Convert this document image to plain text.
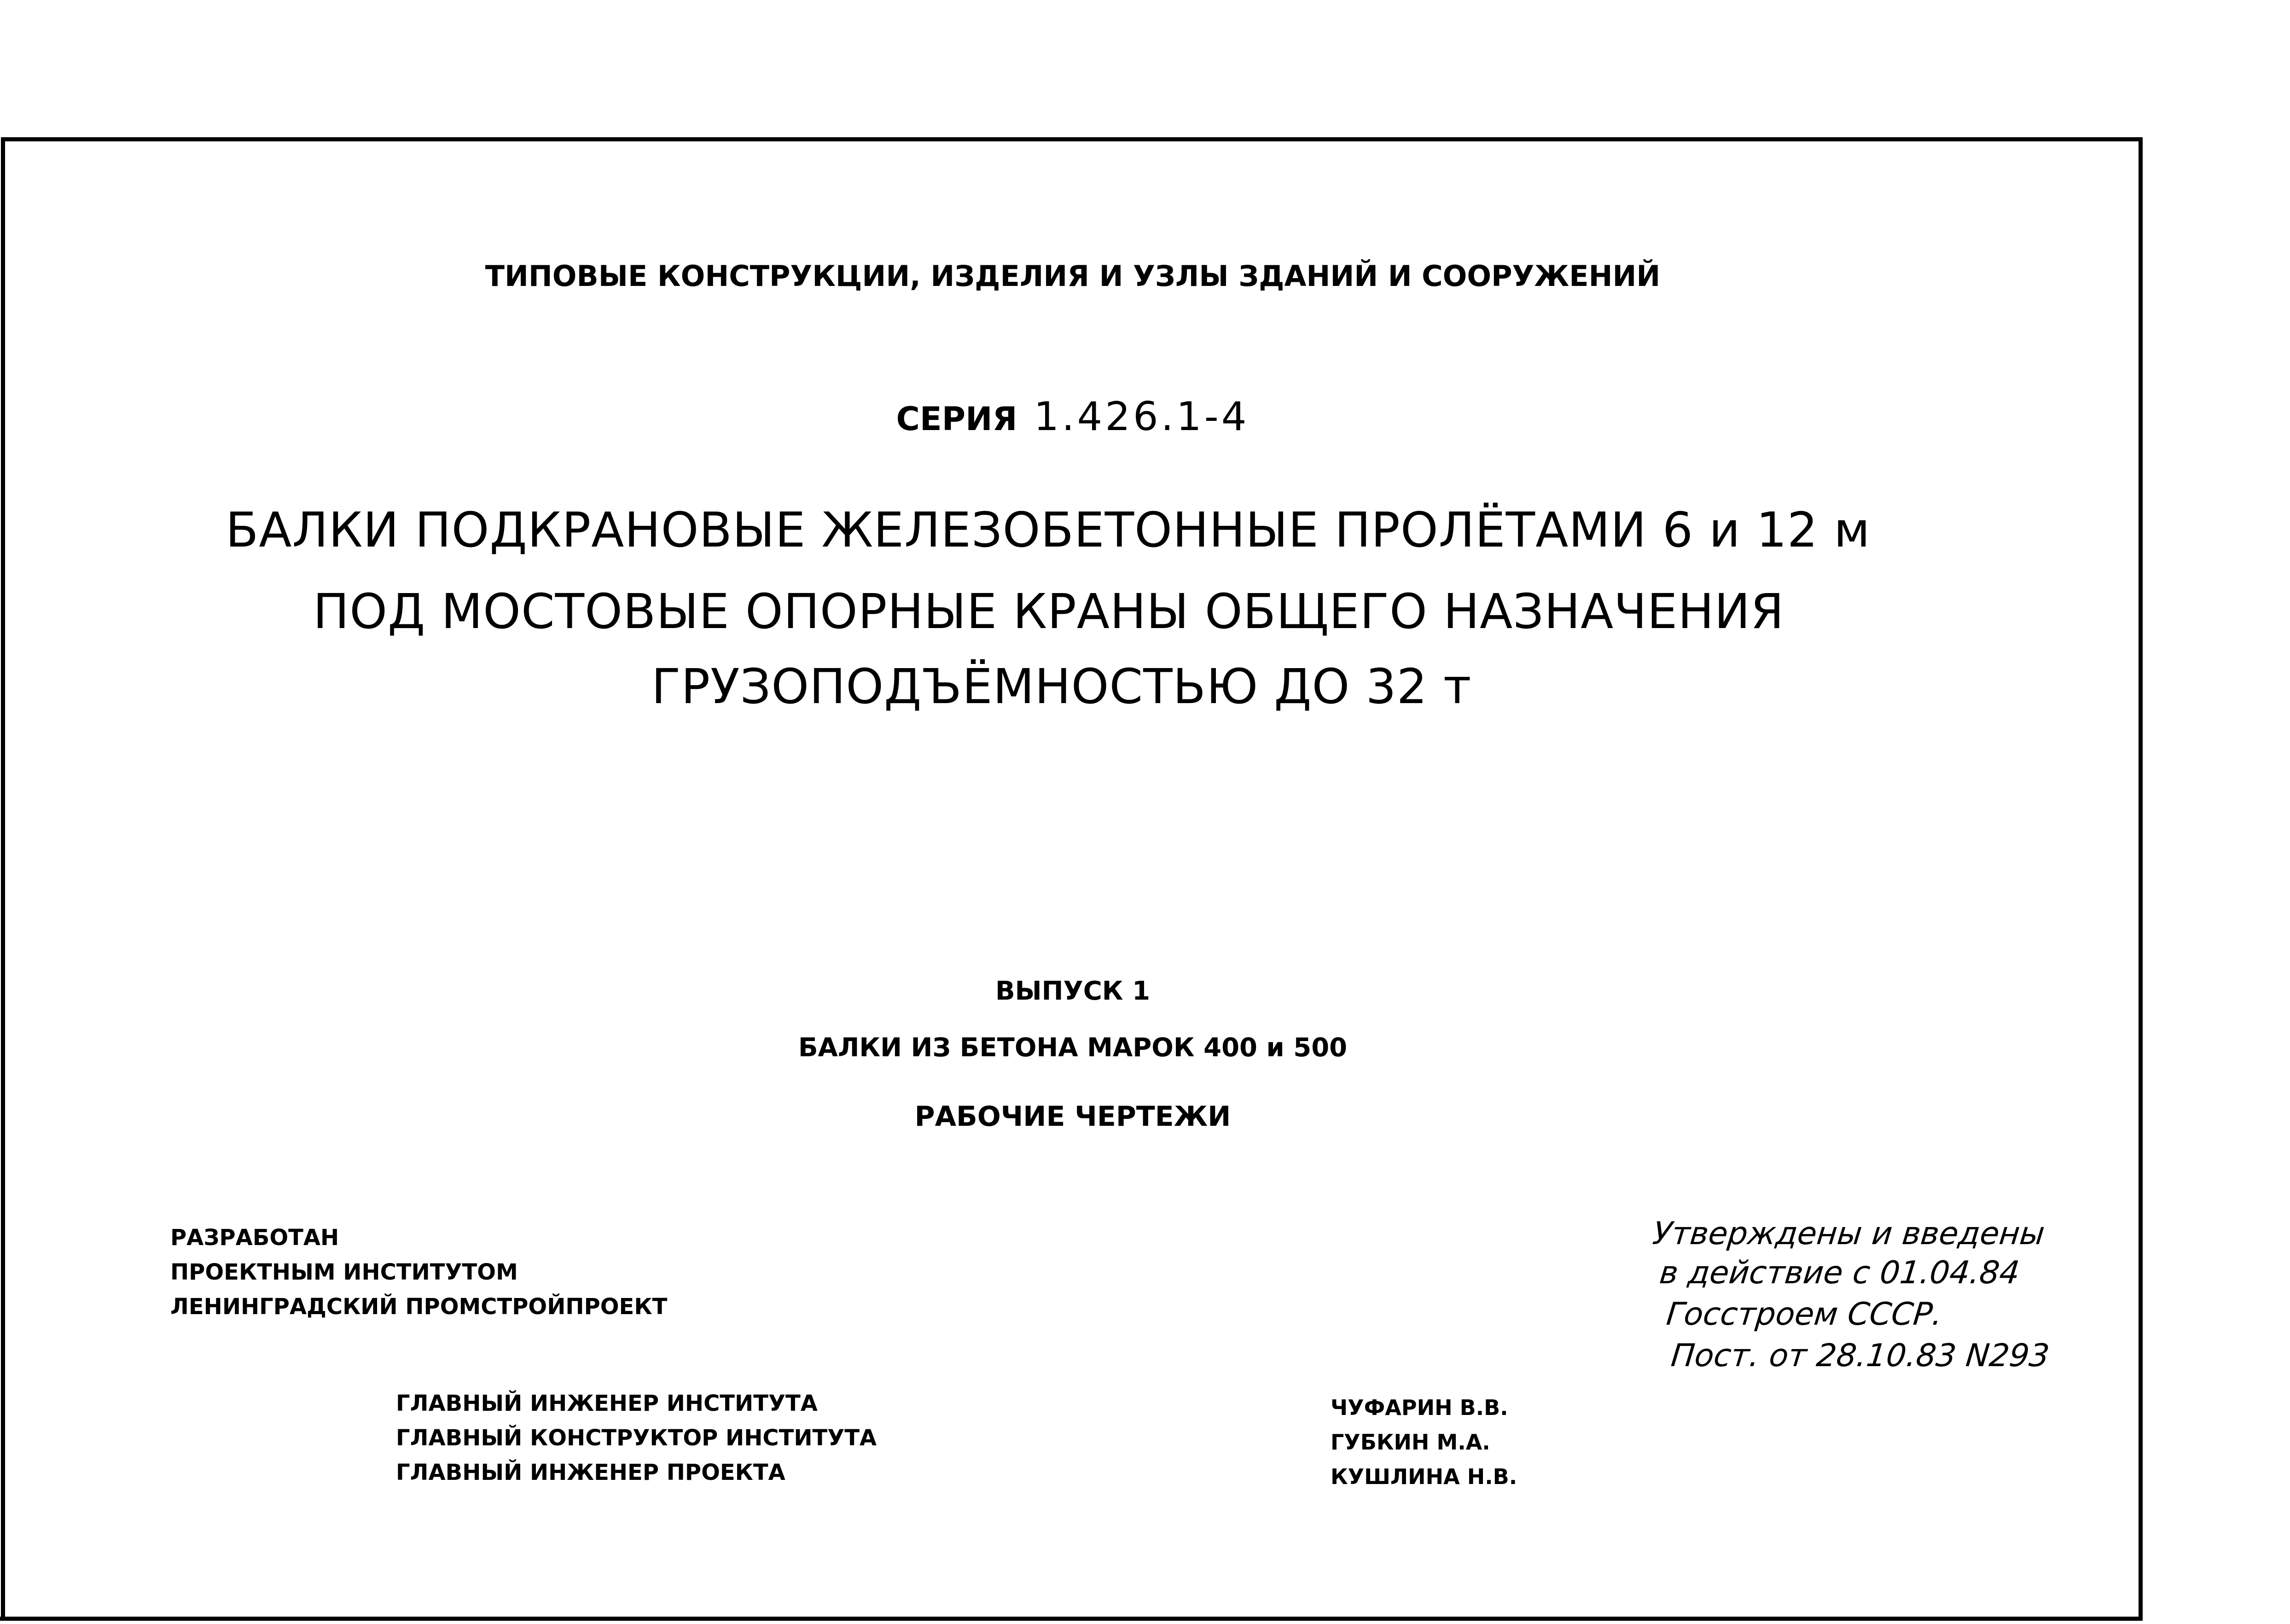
ТИПОВЫЕ КОНСТРУКЦИИ, ИЗДЕЛИЯ И УЗЛЫ ЗДАНИЙ И СООРУЖЕНИЙ
СЕРИЯ 1.426.1-4
БАЛКИ ПОДКРАНОВЫЕ ЖЕЛЕЗОБЕТОННЫЕ ПРОЛЁТАМИ 6 и 12 м
ПОД МОСТОВЫЕ ОПОРНЫЕ КРАНЫ ОБЩЕГО НАЗНАЧЕНИЯ
ГРУЗОПОДЪЁМНОСТЬЮ ДО 32 т
ВЫПУСК 1
БАЛКИ ИЗ БЕТОНА МАРОК 400 и 500
РАБОЧИЕ ЧЕРТЕЖИ
РАЗРАБОТАН
ПРОЕКТНЫМ ИНСТИТУТОМ
ЛЕНИНГРАДСКИЙ ПРОМСТРОЙПРОЕКТ
ГЛАВНЫЙ ИНЖЕНЕР ИНСТИТУТА
ГЛАВНЫЙ КОНСТРУКТОР ИНСТИТУТА
ГЛАВНЫЙ ИНЖЕНЕР ПРОЕКТА
ЧУФАРИН В.В.
ГУБКИН М.А.
КУШЛИНА Н.В.
Утверждены и введены
в действие с 01.04.84
Госстроем СССР.
Пост. от 28.10.83 N293
